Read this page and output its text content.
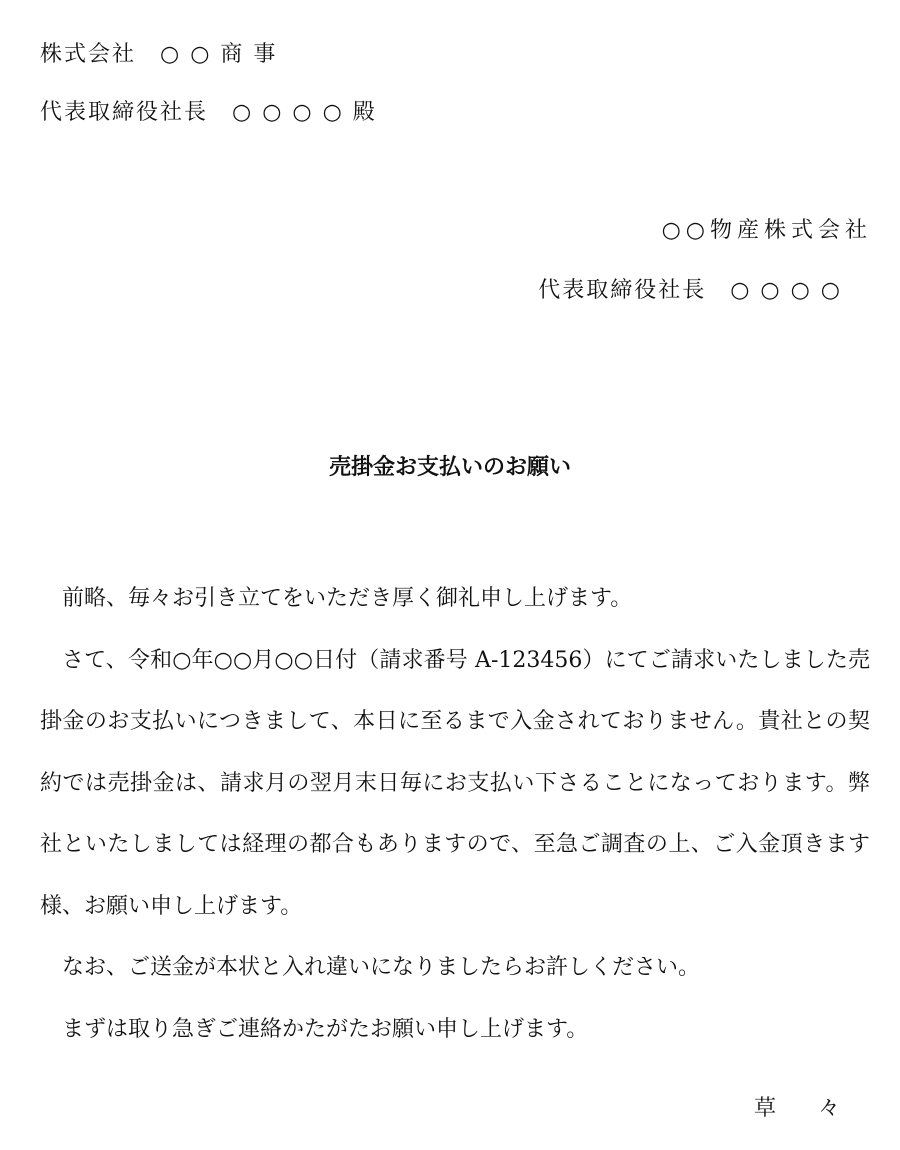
株式会社　○ ○ 商 事
代表取締役社長　○ ○ ○ ○ 殿
○○物産株式会社
代表取締役社長　○ ○ ○ ○
売掛金お支払いのお願い

前略、毎々お引き立てをいただき厚く御礼申し上げます。

さて、令和○年○○月○○日付（請求番号 A-123456）にてご請求いたしました売掛金のお支払いにつきまして、本日に至るまで入金されておりません。貴社との契約では売掛金は、請求月の翌月末日毎にお支払い下さることになっております。弊社といたしましては経理の都合もありますので、至急ご調査の上、ご入金頂きます様、お願い申し上げます。

なお、ご送金が本状と入れ違いになりましたらお許しください。

まずは取り急ぎご連絡かたがたお願い申し上げます。

草　々
